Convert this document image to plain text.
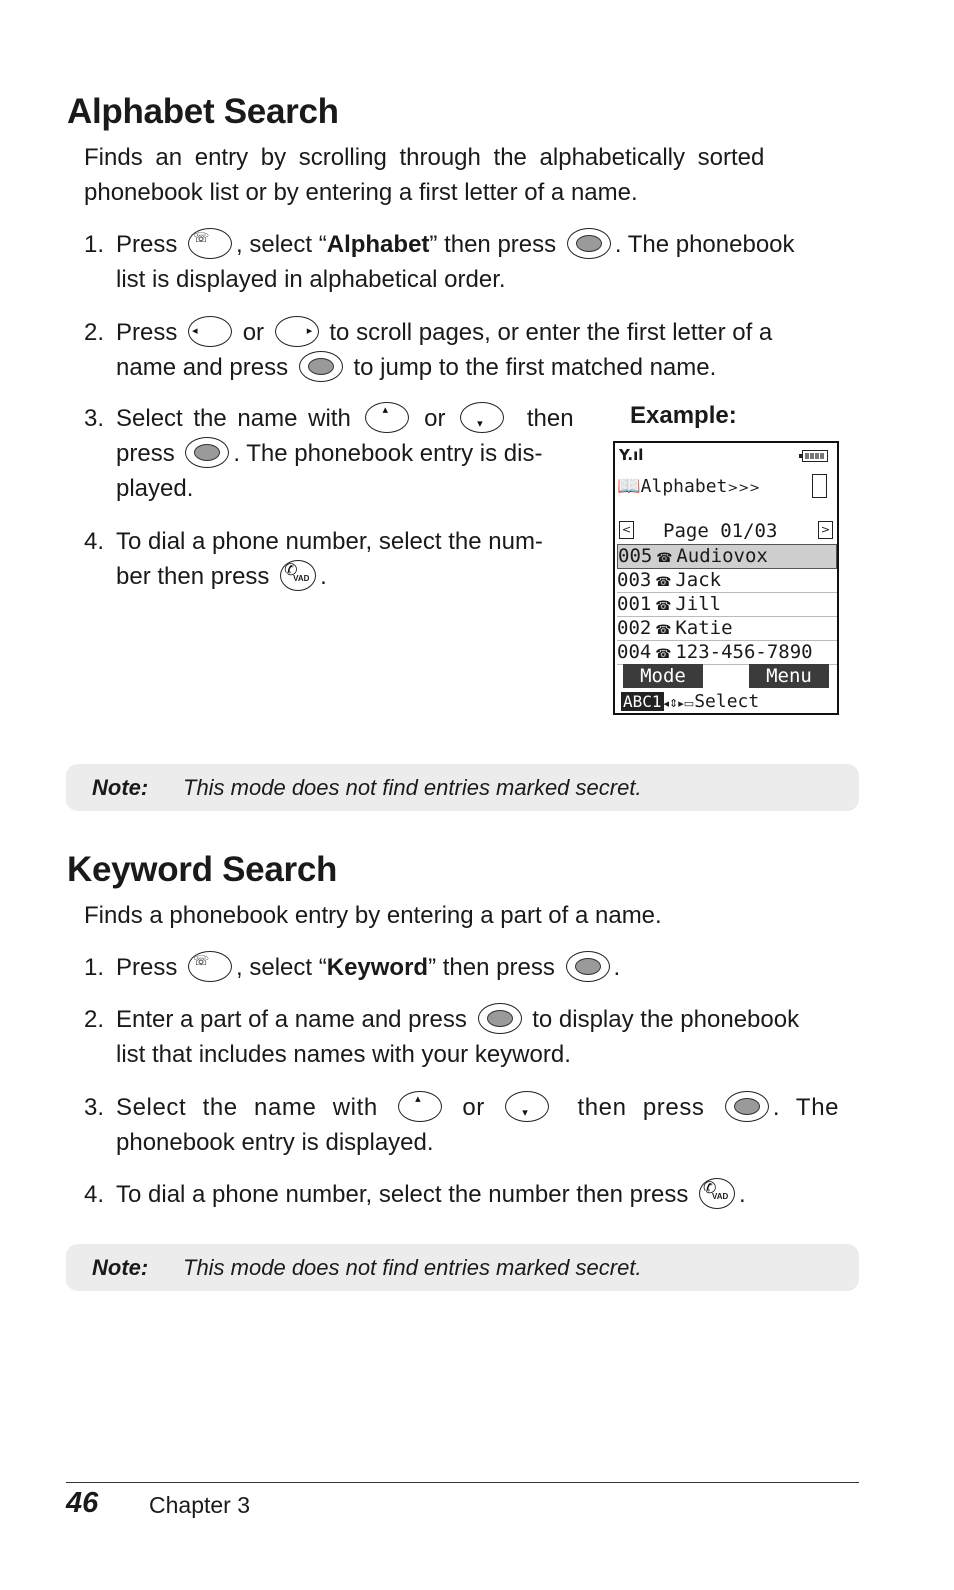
Alphabet Search
Finds an entry by scrolling through the alphabetically sorted
phonebook list or by entering a first letter of a name.
1. Press ☏ , select “Alphabet” then press . The phonebook
list is displayed in alphabetical order.
2. Press ◂ or	▸ to scroll pages, or enter the first letter of a
name and press	to jump to the first matched name.
3. Select the name with	▴ or	▾ then
press . The phonebook entry is dis-
played.
4. To dial a phone number, select the num-
ber then press ✆
VAD .
Example:
Y.ıl
📖Alphabet>>>
< Page 01/03	>
005 ☎ Audiovox
003 ☎ Jack
001 ☎ Jill
002 ☎ Katie
004 ☎ 123-456-7890
Mode	Menu
ABC1 ◂⇕▸▭Select
Note: This mode does not find entries marked secret.
Keyword Search
Finds a phonebook entry by entering a part of a name.
1. Press ☏ , select “Keyword” then press .
2. Enter a part of a name and press	to display the phonebook
list that includes names with your keyword.
3. Select the name with	▴ or	▾ then press	. The
phonebook entry is displayed.
4. To dial a phone number, select the number then press ✆
VAD .
Note: This mode does not find entries marked secret.
46 Chapter 3
